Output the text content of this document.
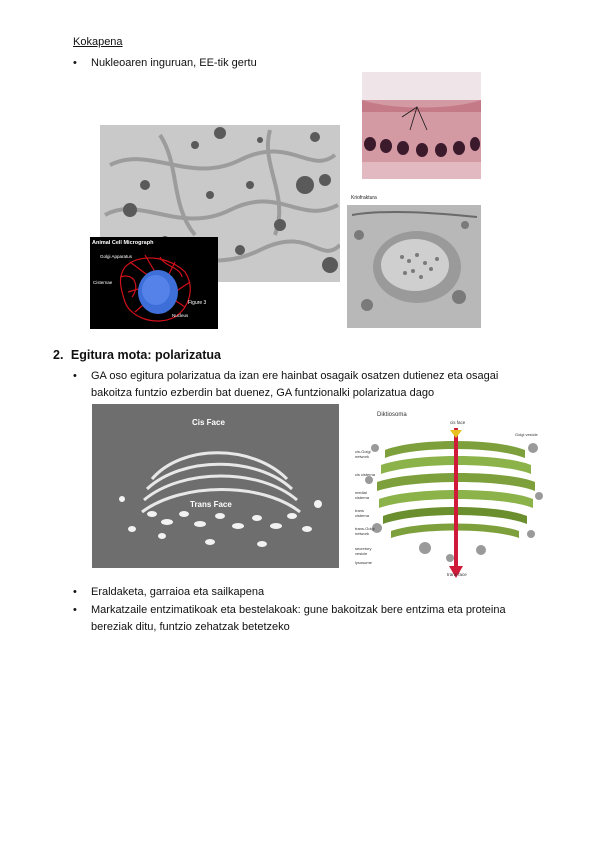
Kokapena
• Nukleoaren inguruan, EE-tik gertu
Animal Cell Micrograph
Golgi Apparatus
Cisternae
Figure 3
Nucleus
Kriofraktura
2. Egitura mota: polarizatua
• GA oso egitura polarizatua da izan ere hainbat osagaik osatzen dutienez eta osagai
bakoitza funtzio ezberdin bat duenez, GA funtzionalki polarizatua dago
Cis Face
Trans Face
Diktiosoma
cis face
trans face
Golgi vesicle
cis-Golgi network
cis cisterna
medial cisterna
trans cisterna
trans-Golgi network
secretory vesicle
lysosome
• Eraldaketa, garraioa eta sailkapena
• Markatzaile entzimatikoak eta bestelakoak: gune bakoitzak bere entzima eta proteina
bereziak ditu, funtzio zehatzak betetzeko
